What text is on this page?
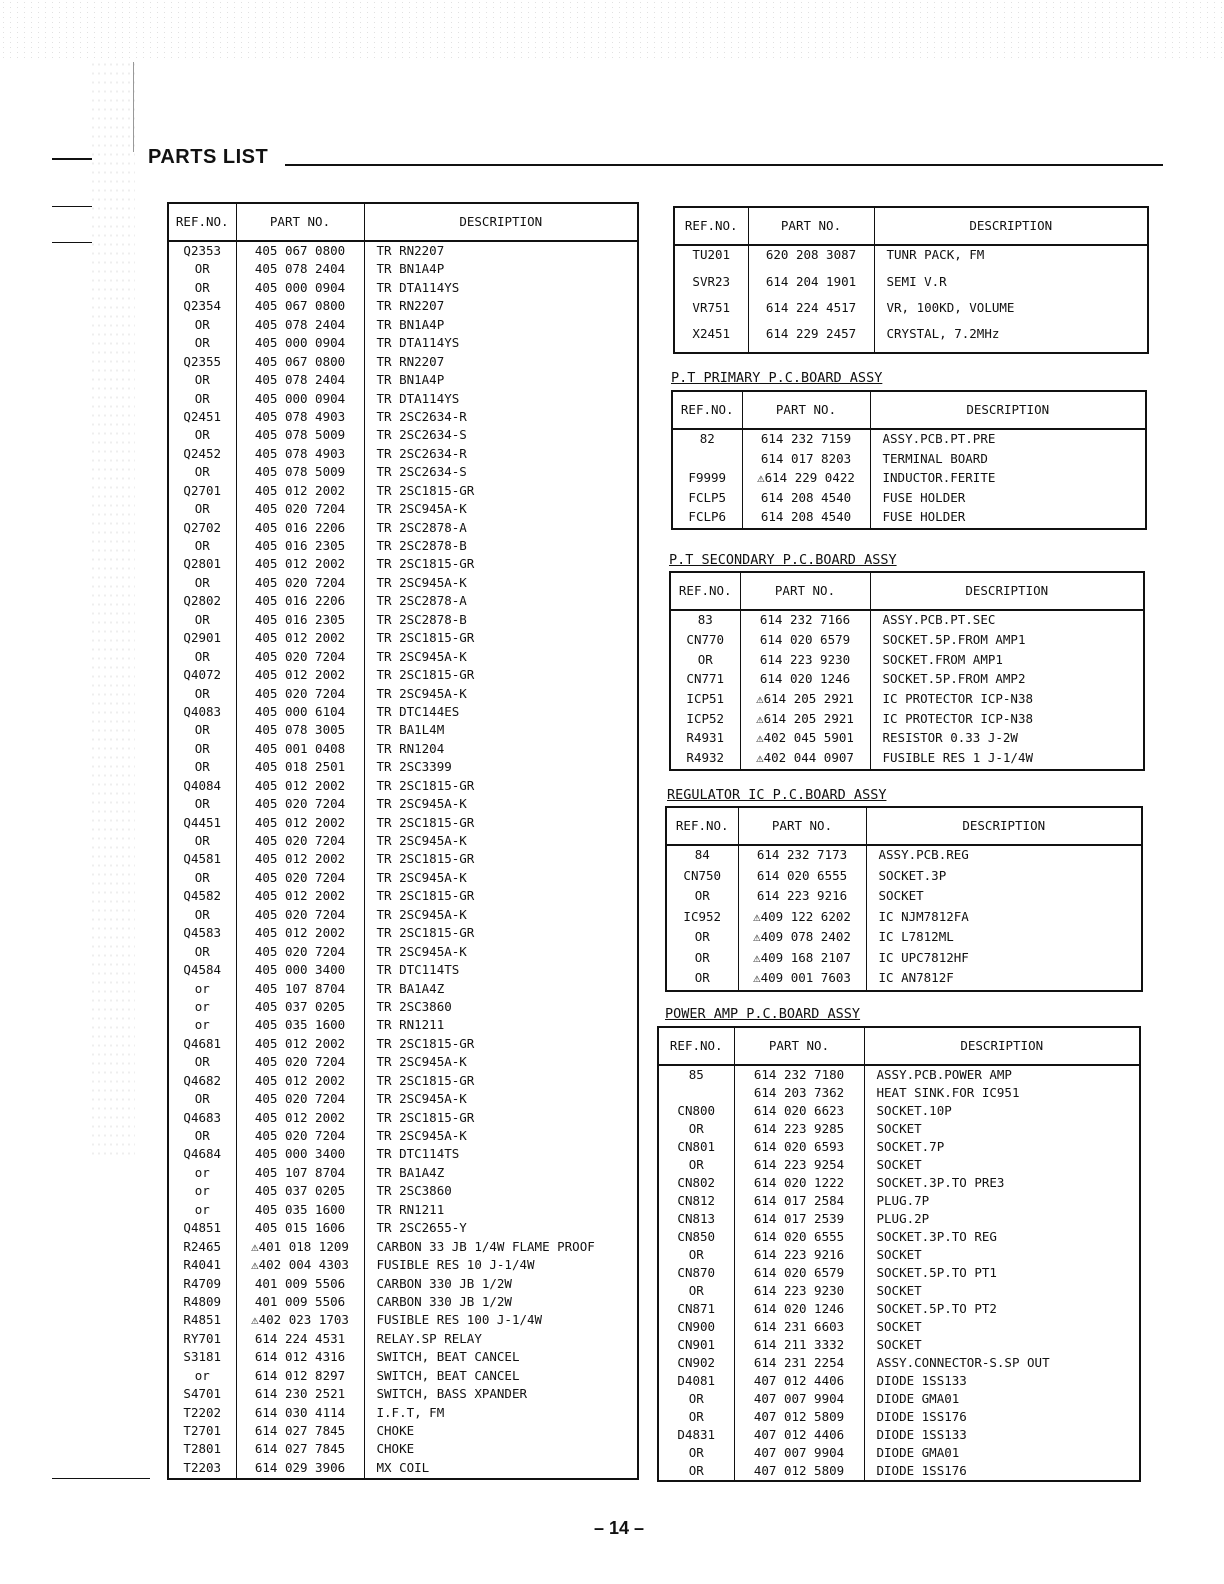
PARTS LIST
REF.NO.	PART NO.	DESCRIPTION
Q2353	405 067 0800	TR RN2207
OR	405 078 2404	TR BN1A4P
OR	405 000 0904	TR DTA114YS
Q2354	405 067 0800	TR RN2207
OR	405 078 2404	TR BN1A4P
OR	405 000 0904	TR DTA114YS
Q2355	405 067 0800	TR RN2207
OR	405 078 2404	TR BN1A4P
OR	405 000 0904	TR DTA114YS
Q2451	405 078 4903	TR 2SC2634-R
OR	405 078 5009	TR 2SC2634-S
Q2452	405 078 4903	TR 2SC2634-R
OR	405 078 5009	TR 2SC2634-S
Q2701	405 012 2002	TR 2SC1815-GR
OR	405 020 7204	TR 2SC945A-K
Q2702	405 016 2206	TR 2SC2878-A
OR	405 016 2305	TR 2SC2878-B
Q2801	405 012 2002	TR 2SC1815-GR
OR	405 020 7204	TR 2SC945A-K
Q2802	405 016 2206	TR 2SC2878-A
OR	405 016 2305	TR 2SC2878-B
Q2901	405 012 2002	TR 2SC1815-GR
OR	405 020 7204	TR 2SC945A-K
Q4072	405 012 2002	TR 2SC1815-GR
OR	405 020 7204	TR 2SC945A-K
Q4083	405 000 6104	TR DTC144ES
OR	405 078 3005	TR BA1L4M
OR	405 001 0408	TR RN1204
OR	405 018 2501	TR 2SC3399
Q4084	405 012 2002	TR 2SC1815-GR
OR	405 020 7204	TR 2SC945A-K
Q4451	405 012 2002	TR 2SC1815-GR
OR	405 020 7204	TR 2SC945A-K
Q4581	405 012 2002	TR 2SC1815-GR
OR	405 020 7204	TR 2SC945A-K
Q4582	405 012 2002	TR 2SC1815-GR
OR	405 020 7204	TR 2SC945A-K
Q4583	405 012 2002	TR 2SC1815-GR
OR	405 020 7204	TR 2SC945A-K
Q4584	405 000 3400	TR DTC114TS
or	405 107 8704	TR BA1A4Z
or	405 037 0205	TR 2SC3860
or	405 035 1600	TR RN1211
Q4681	405 012 2002	TR 2SC1815-GR
OR	405 020 7204	TR 2SC945A-K
Q4682	405 012 2002	TR 2SC1815-GR
OR	405 020 7204	TR 2SC945A-K
Q4683	405 012 2002	TR 2SC1815-GR
OR	405 020 7204	TR 2SC945A-K
Q4684	405 000 3400	TR DTC114TS
or	405 107 8704	TR BA1A4Z
or	405 037 0205	TR 2SC3860
or	405 035 1600	TR RN1211
Q4851	405 015 1606	TR 2SC2655-Y
R2465	⚠401 018 1209	CARBON 33 JB 1/4W FLAME PROOF
R4041	⚠402 004 4303	FUSIBLE RES 10 J-1/4W
R4709	401 009 5506	CARBON 330 JB 1/2W
R4809	401 009 5506	CARBON 330 JB 1/2W
R4851	⚠402 023 1703	FUSIBLE RES 100 J-1/4W
RY701	614 224 4531	RELAY.SP RELAY
S3181	614 012 4316	SWITCH, BEAT CANCEL
or	614 012 8297	SWITCH, BEAT CANCEL
S4701	614 230 2521	SWITCH, BASS XPANDER
T2202	614 030 4114	I.F.T, FM
T2701	614 027 7845	CHOKE
T2801	614 027 7845	CHOKE
T2203	614 029 3906	MX COIL

REF.NO.	PART NO.	DESCRIPTION
TU201	620 208 3087	TUNR PACK, FM
SVR23	614 204 1901	SEMI V.R
VR751	614 224 4517	VR, 100KD, VOLUME
X2451	614 229 2457	CRYSTAL, 7.2MHz

P.T PRIMARY P.C.BOARD ASSY
REF.NO.	PART NO.	DESCRIPTION
82	614 232 7159	ASSY.PCB.PT.PRE
	614 017 8203	TERMINAL BOARD
F9999	⚠614 229 0422	INDUCTOR.FERITE
FCLP5	614 208 4540	FUSE HOLDER
FCLP6	614 208 4540	FUSE HOLDER

P.T SECONDARY P.C.BOARD ASSY
REF.NO.	PART NO.	DESCRIPTION
83	614 232 7166	ASSY.PCB.PT.SEC
CN770	614 020 6579	SOCKET.5P.FROM AMP1
OR	614 223 9230	SOCKET.FROM AMP1
CN771	614 020 1246	SOCKET.5P.FROM AMP2
ICP51	⚠614 205 2921	IC PROTECTOR ICP-N38
ICP52	⚠614 205 2921	IC PROTECTOR ICP-N38
R4931	⚠402 045 5901	RESISTOR 0.33 J-2W
R4932	⚠402 044 0907	FUSIBLE RES 1 J-1/4W

REGULATOR IC P.C.BOARD ASSY
REF.NO.	PART NO.	DESCRIPTION
84	614 232 7173	ASSY.PCB.REG
CN750	614 020 6555	SOCKET.3P
OR	614 223 9216	SOCKET
IC952	⚠409 122 6202	IC NJM7812FA
OR	⚠409 078 2402	IC L7812ML
OR	⚠409 168 2107	IC UPC7812HF
OR	⚠409 001 7603	IC AN7812F

POWER AMP P.C.BOARD ASSY
REF.NO.	PART NO.	DESCRIPTION
85	614 232 7180	ASSY.PCB.POWER AMP
	614 203 7362	HEAT SINK.FOR IC951
CN800	614 020 6623	SOCKET.10P
OR	614 223 9285	SOCKET
CN801	614 020 6593	SOCKET.7P
OR	614 223 9254	SOCKET
CN802	614 020 1222	SOCKET.3P.TO PRE3
CN812	614 017 2584	PLUG.7P
CN813	614 017 2539	PLUG.2P
CN850	614 020 6555	SOCKET.3P.TO REG
OR	614 223 9216	SOCKET
CN870	614 020 6579	SOCKET.5P.TO PT1
OR	614 223 9230	SOCKET
CN871	614 020 1246	SOCKET.5P.TO PT2
CN900	614 231 6603	SOCKET
CN901	614 211 3332	SOCKET
CN902	614 231 2254	ASSY.CONNECTOR-S.SP OUT
D4081	407 012 4406	DIODE 1SS133
OR	407 007 9904	DIODE GMA01
OR	407 012 5809	DIODE 1SS176
D4831	407 012 4406	DIODE 1SS133
OR	407 007 9904	DIODE GMA01
OR	407 012 5809	DIODE 1SS176

– 14 –
